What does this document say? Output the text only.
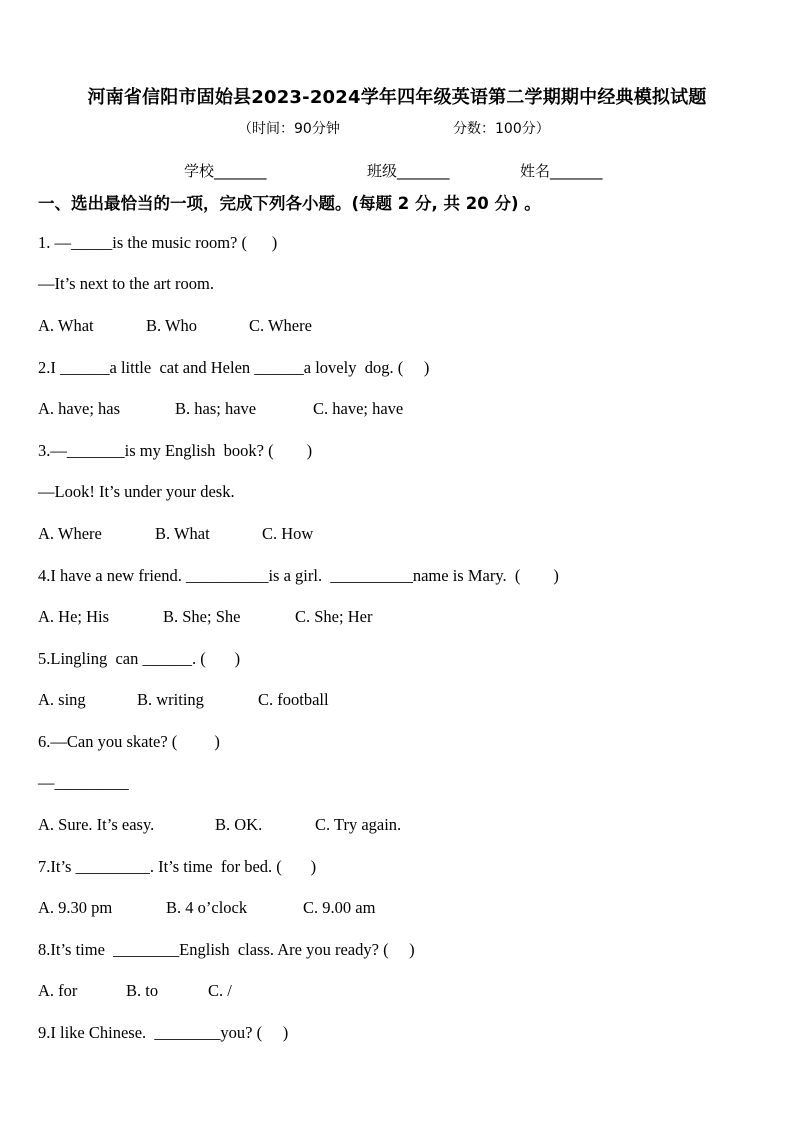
河南省信阳市固始县2023-2024学年四年级英语第二学期期中经典模拟试题
（时间：90分钟	分数：100分）
学校_______	班级_______	姓名_______
一、选出最恰当的一项，完成下列各小题。(每题 2 分, 共 20 分) 。
1. —_____is the music room? (      )
—It’s next to the art room.
A. What	B. Who	C. Where
2.I ______a little  cat and Helen ______a lovely  dog. (     )
A. have; has	B. has; have	C. have; have
3.—_______is my English  book? (        )
—Look! It’s under your desk.
A. Where	B. What	C. How
4.I have a new friend. __________is a girl.  __________name is Mary.  (        )
A. He; His	B. She; She	C. She; Her
5.Lingling  can ______. (       )
A. sing	B. writing	C. football
6.—Can you skate? (         )
—_________
A. Sure. It’s easy.	B. OK.	C. Try again.
7.It’s _________. It’s time  for bed. (       )
A. 9.30 pm	B. 4 o’clock	C. 9.00 am
8.It’s time  ________English  class. Are you ready? (     )
A. for	B. to	C. /
9.I like Chinese.  ________you? (     )
